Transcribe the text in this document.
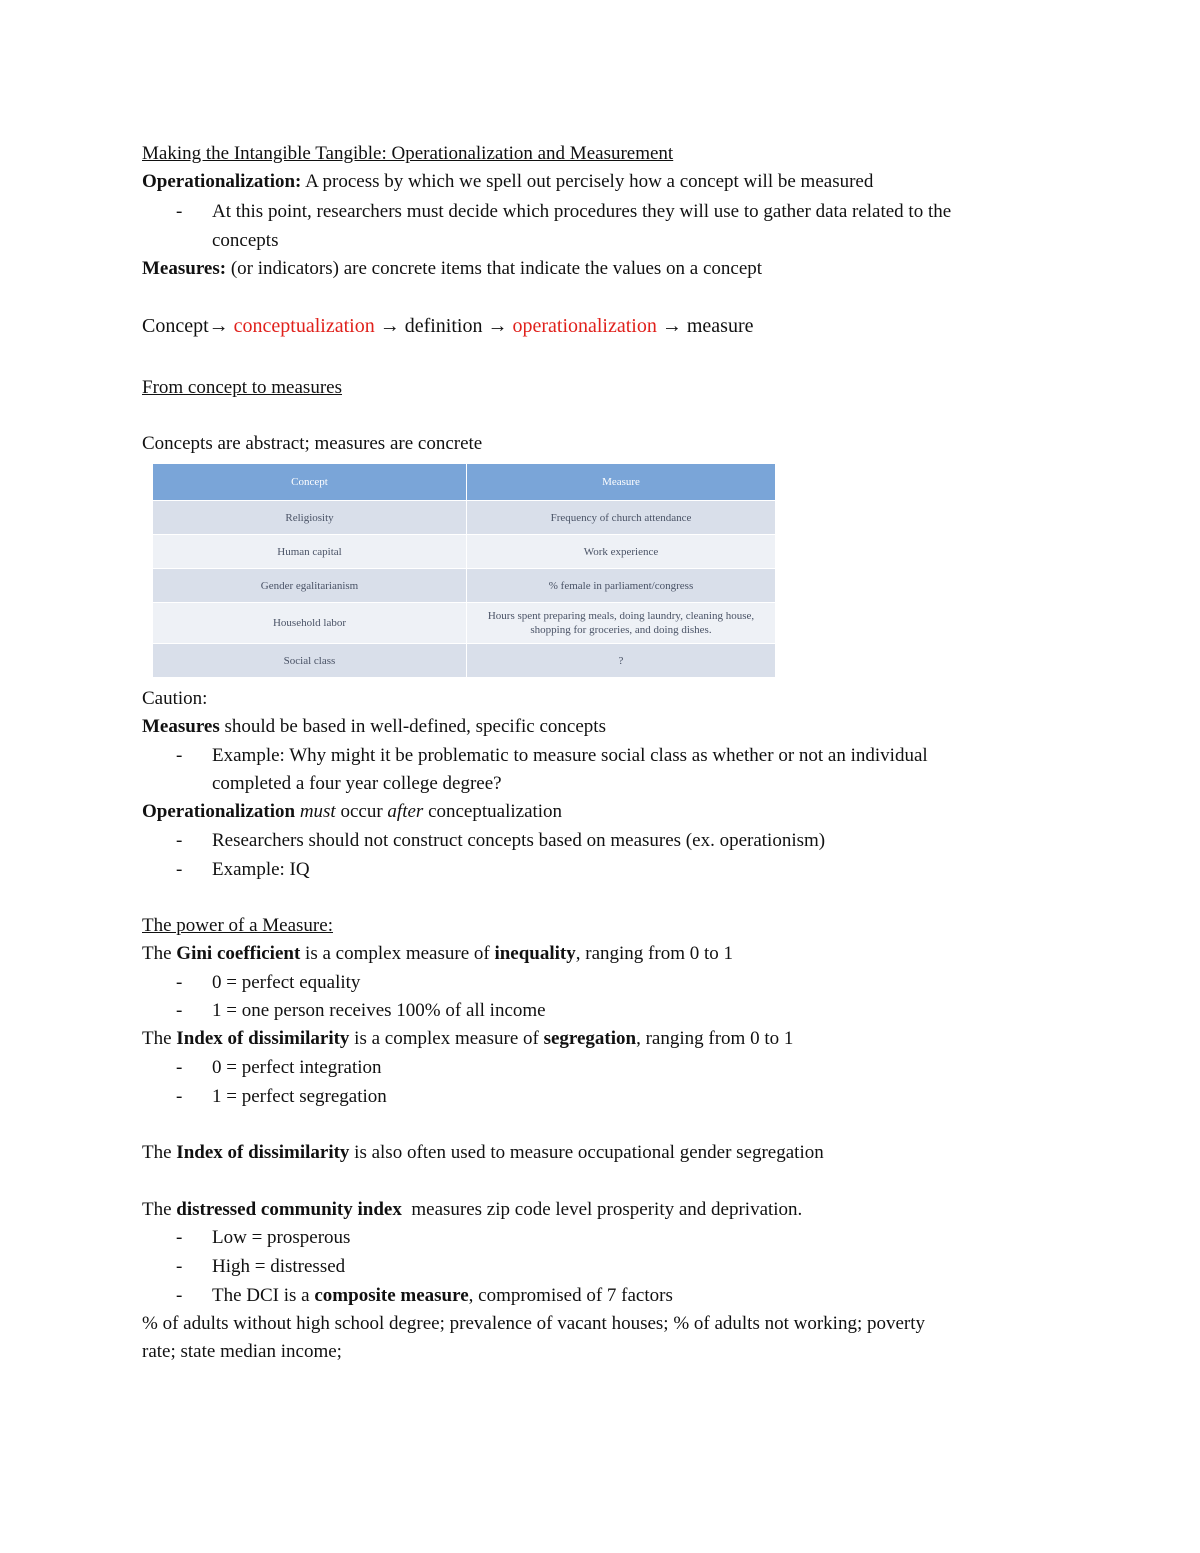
Making the Intangible Tangible: Operationalization and Measurement
Operationalization: A process by which we spell out percisely how a concept will be measured
- At this point, researchers must decide which procedures they will use to gather data related to the
concepts
Measures: (or indicators) are concrete items that indicate the values on a concept
Concept→ conceptualization → definition → operationalization → measure
From concept to measures
Concepts are abstract; measures are concrete
Concept	Measure
Religiosity	Frequency of church attendance
Human capital	Work experience
Gender egalitarianism	% female in parliament/congress
Household labor	Hours spent preparing meals, doing laundry, cleaning house, shopping for groceries, and doing dishes.
Social class	?
Caution:
Measures should be based in well-defined, specific concepts
- Example: Why might it be problematic to measure social class as whether or not an individual
completed a four year college degree?
Operationalization must occur after conceptualization
- Researchers should not construct concepts based on measures (ex. operationism)
- Example: IQ
The power of a Measure:
The Gini coefficient is a complex measure of inequality, ranging from 0 to 1
- 0 = perfect equality
- 1 = one person receives 100% of all income
The Index of dissimilarity is a complex measure of segregation, ranging from 0 to 1
- 0 = perfect integration
- 1 = perfect segregation
The Index of dissimilarity is also often used to measure occupational gender segregation
The distressed community index  measures zip code level prosperity and deprivation.
- Low = prosperous
- High = distressed
- The DCI is a composite measure, compromised of 7 factors
% of adults without high school degree; prevalence of vacant houses; % of adults not working; poverty
rate; state median income;
